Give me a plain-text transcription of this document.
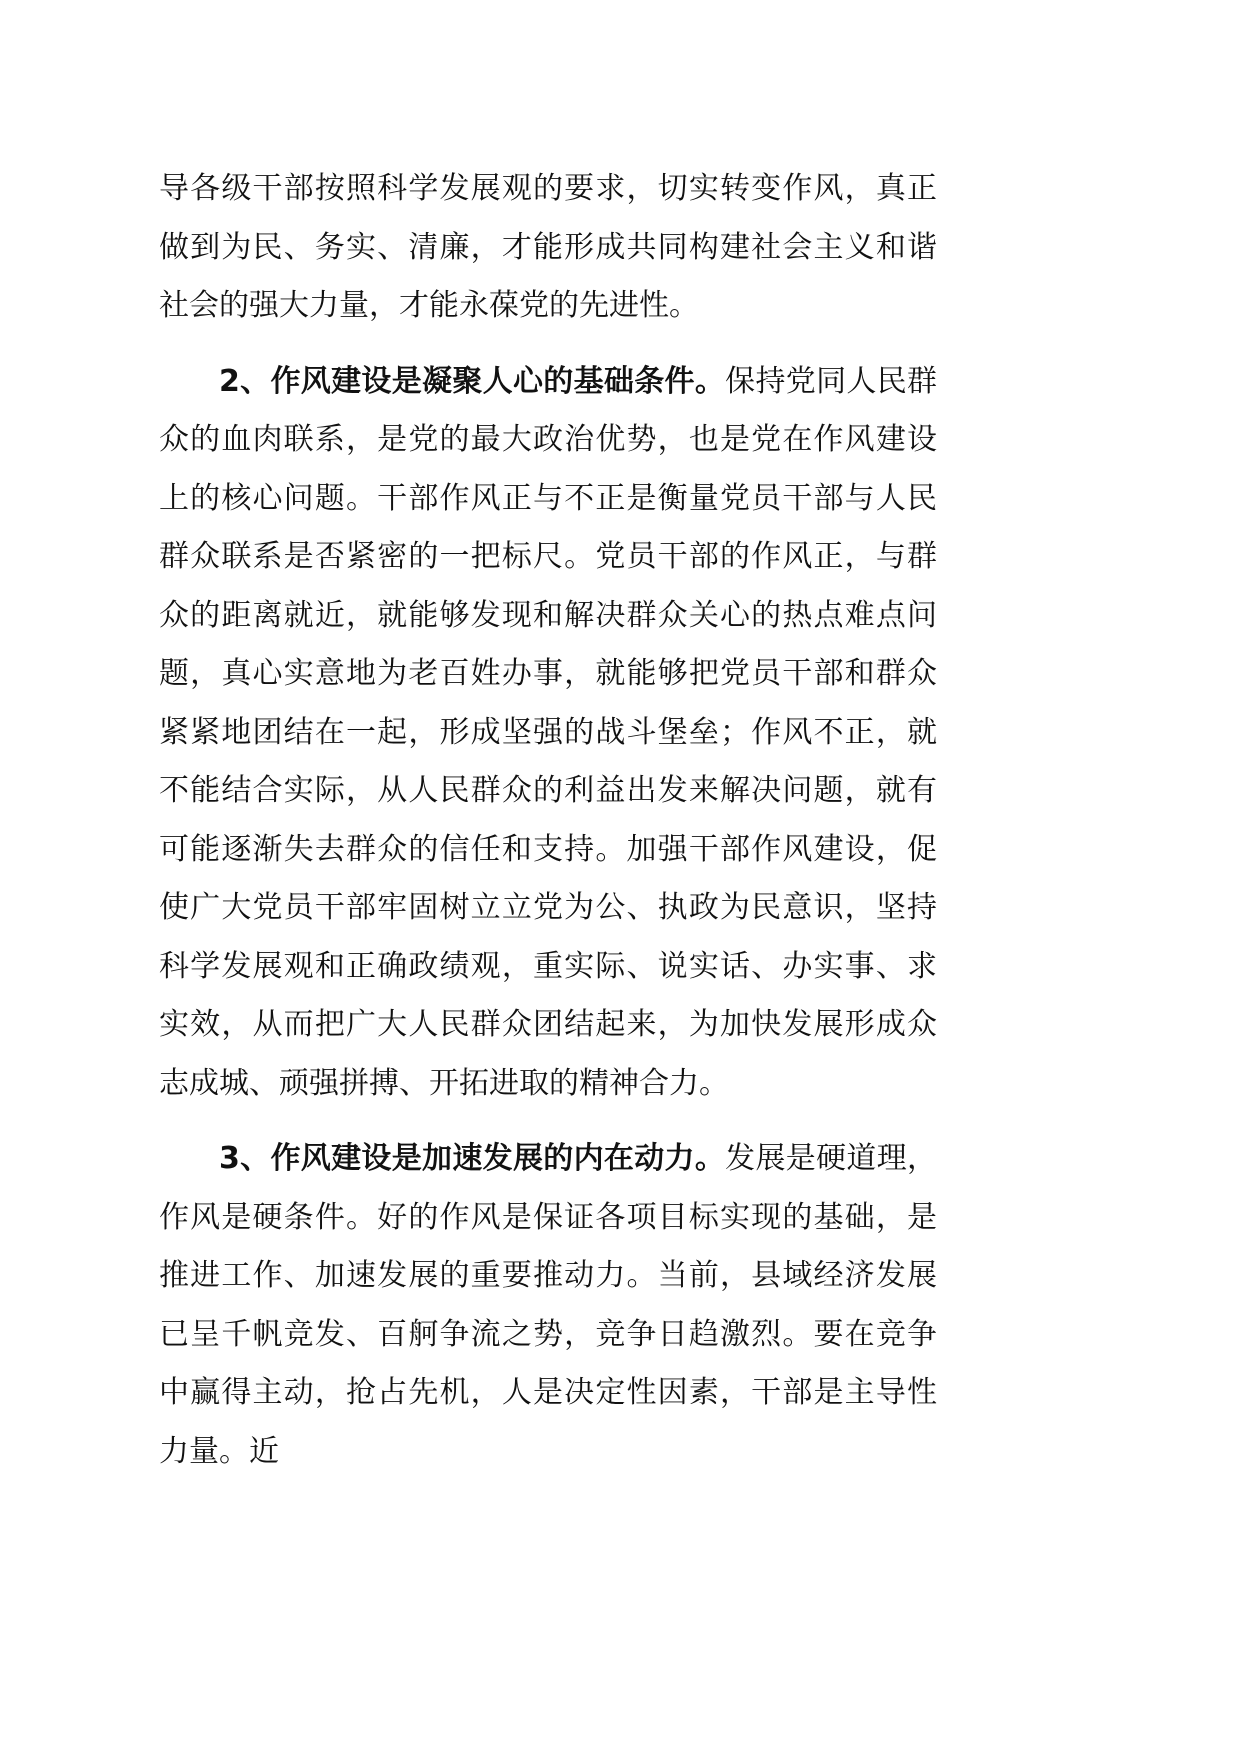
导各级干部按照科学发展观的要求，切实转变作风，真正做到为民、务实、清廉，才能形成共同构建社会主义和谐社会的强大力量，才能永葆党的先进性。

2、作风建设是凝聚人心的基础条件。保持党同人民群众的血肉联系，是党的最大政治优势，也是党在作风建设上的核心问题。干部作风正与不正是衡量党员干部与人民群众联系是否紧密的一把标尺。党员干部的作风正，与群众的距离就近，就能够发现和解决群众关心的热点难点问题，真心实意地为老百姓办事，就能够把党员干部和群众紧紧地团结在一起，形成坚强的战斗堡垒；作风不正，就不能结合实际，从人民群众的利益出发来解决问题，就有可能逐渐失去群众的信任和支持。加强干部作风建设，促使广大党员干部牢固树立立党为公、执政为民意识，坚持科学发展观和正确政绩观，重实际、说实话、办实事、求实效，从而把广大人民群众团结起来，为加快发展形成众志成城、顽强拼搏、开拓进取的精神合力。

3、作风建设是加速发展的内在动力。发展是硬道理，作风是硬条件。好的作风是保证各项目标实现的基础，是推进工作、加速发展的重要推动力。当前，县域经济发展已呈千帆竞发、百舸争流之势，竞争日趋激烈。要在竞争中赢得主动，抢占先机，人是决定性因素，干部是主导性力量。近
